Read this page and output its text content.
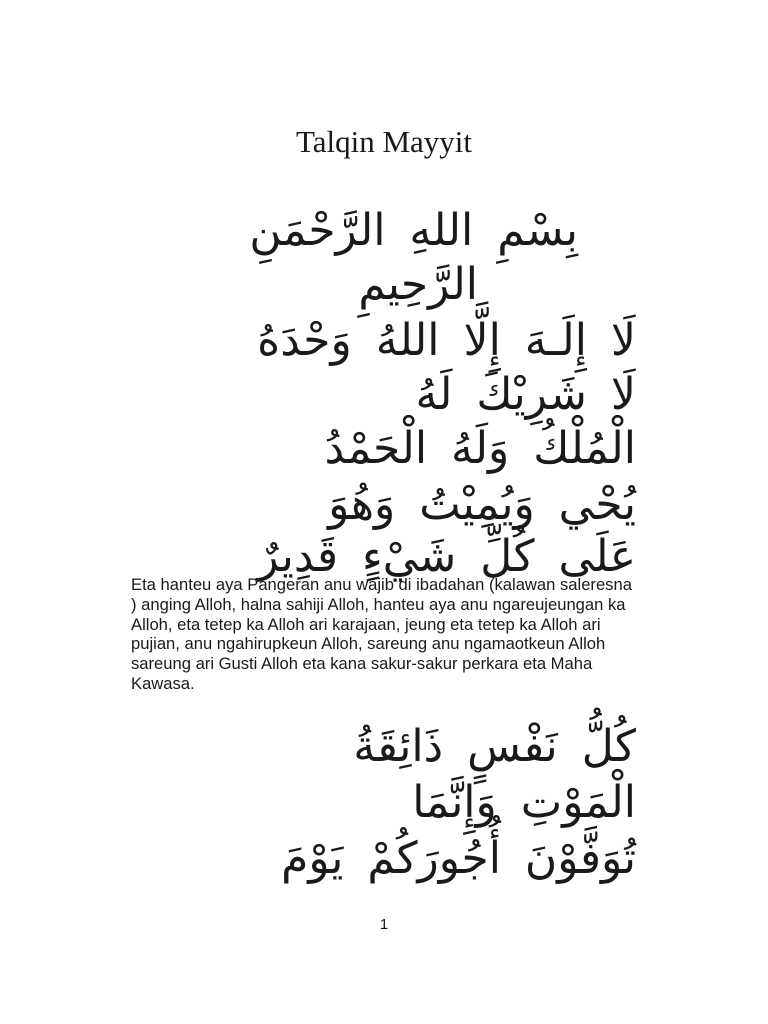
Talqin Mayyit
بِسْمِ اللهِ الرَّحْمَنِ
الرَّحِيمِ
لَا إِلَـهَ إِلَّا اللهُ وَحْدَهُ
لَا شَرِيْكَ لَهُ
الْمُلْكُ وَلَهُ الْحَمْدُ
يُحْي وَيُمِيْتُ وَهُوَ
عَلَى كُلِّ شَيْءٍ قَدِيرٌ
Eta hanteu aya Pangeran anu wajib di ibadahan (kalawan saleresna ) anging Alloh, halna sahiji Alloh, hanteu aya anu ngareujeungan ka Alloh, eta tetep ka Alloh ari karajaan, jeung eta tetep ka Alloh ari pujian, anu ngahirupkeun Alloh, sareung anu ngamaotkeun Alloh sareung ari Gusti Alloh eta kana sakur-sakur perkara eta Maha Kawasa.
كُلُّ نَفْسٍ ذَائِقَةُ
الْمَوْتِ وَإِنَّمَا
تُوَفَّوْنَ أُجُورَكُمْ يَوْمَ
1
